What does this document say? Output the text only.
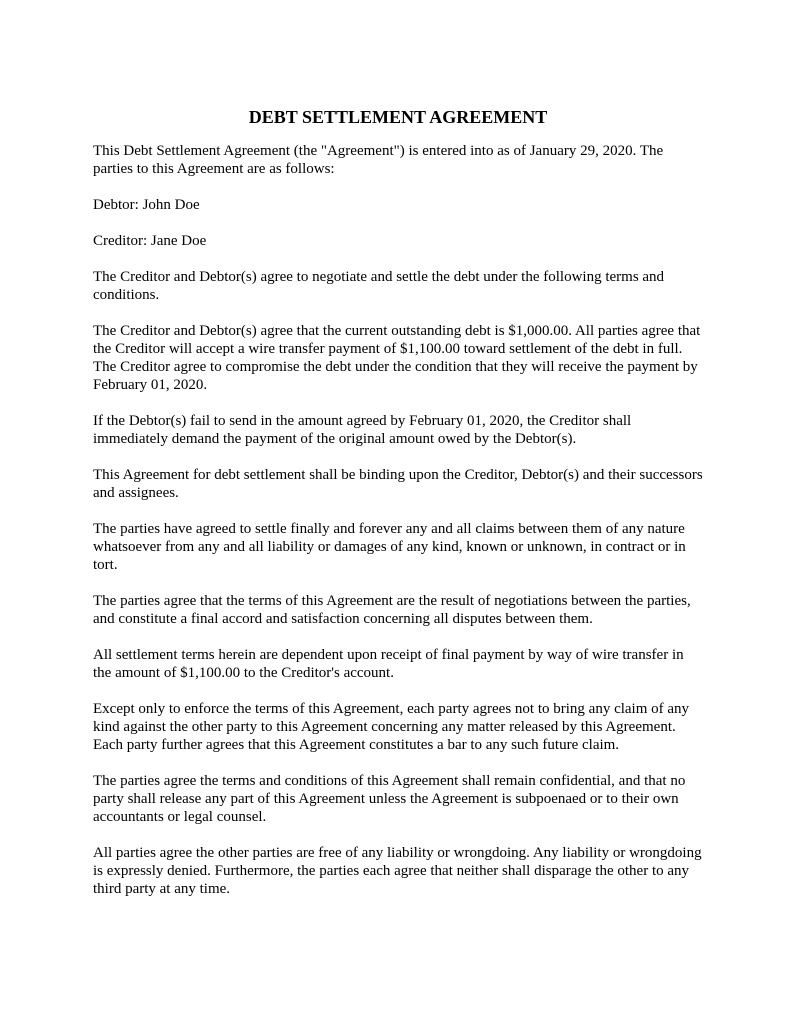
DEBT SETTLEMENT AGREEMENT

This Debt Settlement Agreement (the "Agreement") is entered into as of January 29, 2020. The parties to this Agreement are as follows:

Debtor: John Doe

Creditor: Jane Doe

The Creditor and Debtor(s) agree to negotiate and settle the debt under the following terms and conditions.

The Creditor and Debtor(s) agree that the current outstanding debt is $1,000.00. All parties agree that the Creditor will accept a wire transfer payment of $1,100.00 toward settlement of the debt in full. The Creditor agree to compromise the debt under the condition that they will receive the payment by February 01, 2020.

If the Debtor(s) fail to send in the amount agreed by February 01, 2020, the Creditor shall immediately demand the payment of the original amount owed by the Debtor(s).

This Agreement for debt settlement shall be binding upon the Creditor, Debtor(s) and their successors and assignees.

The parties have agreed to settle finally and forever any and all claims between them of any nature whatsoever from any and all liability or damages of any kind, known or unknown, in contract or in tort.

The parties agree that the terms of this Agreement are the result of negotiations between the parties, and constitute a final accord and satisfaction concerning all disputes between them.

All settlement terms herein are dependent upon receipt of final payment by way of wire transfer in the amount of $1,100.00 to the Creditor's account.

Except only to enforce the terms of this Agreement, each party agrees not to bring any claim of any kind against the other party to this Agreement concerning any matter released by this Agreement. Each party further agrees that this Agreement constitutes a bar to any such future claim.

The parties agree the terms and conditions of this Agreement shall remain confidential, and that no party shall release any part of this Agreement unless the Agreement is subpoenaed or to their own accountants or legal counsel.

All parties agree the other parties are free of any liability or wrongdoing. Any liability or wrongdoing is expressly denied. Furthermore, the parties each agree that neither shall disparage the other to any third party at any time.
